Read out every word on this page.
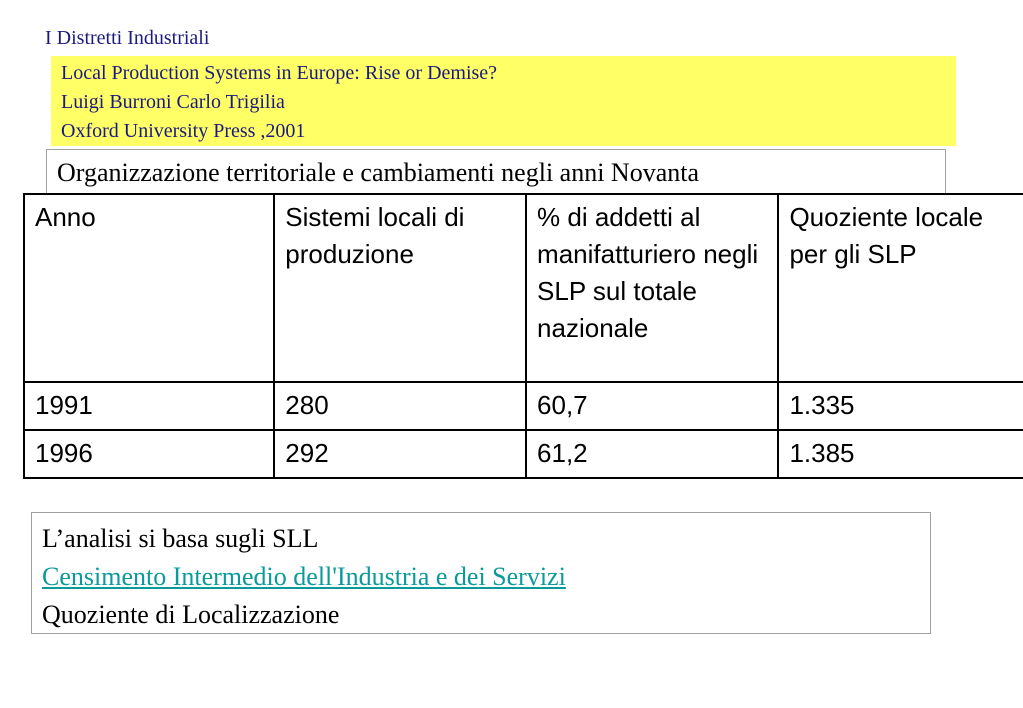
I Distretti Industriali
Local Production Systems in Europe: Rise or Demise?
Luigi Burroni Carlo Trigilia
Oxford University Press ,2001
Organizzazione territoriale e cambiamenti negli anni Novanta
Anno	Sistemi locali di produzione	% di addetti al manifatturiero negli SLP sul totale nazionale	Quoziente locale per gli SLP
1991	280	60,7	1.335
1996	292	61,2	1.385
L’analisi si basa sugli SLL
Censimento Intermedio dell'Industria e dei Servizi
Quoziente di Localizzazione
